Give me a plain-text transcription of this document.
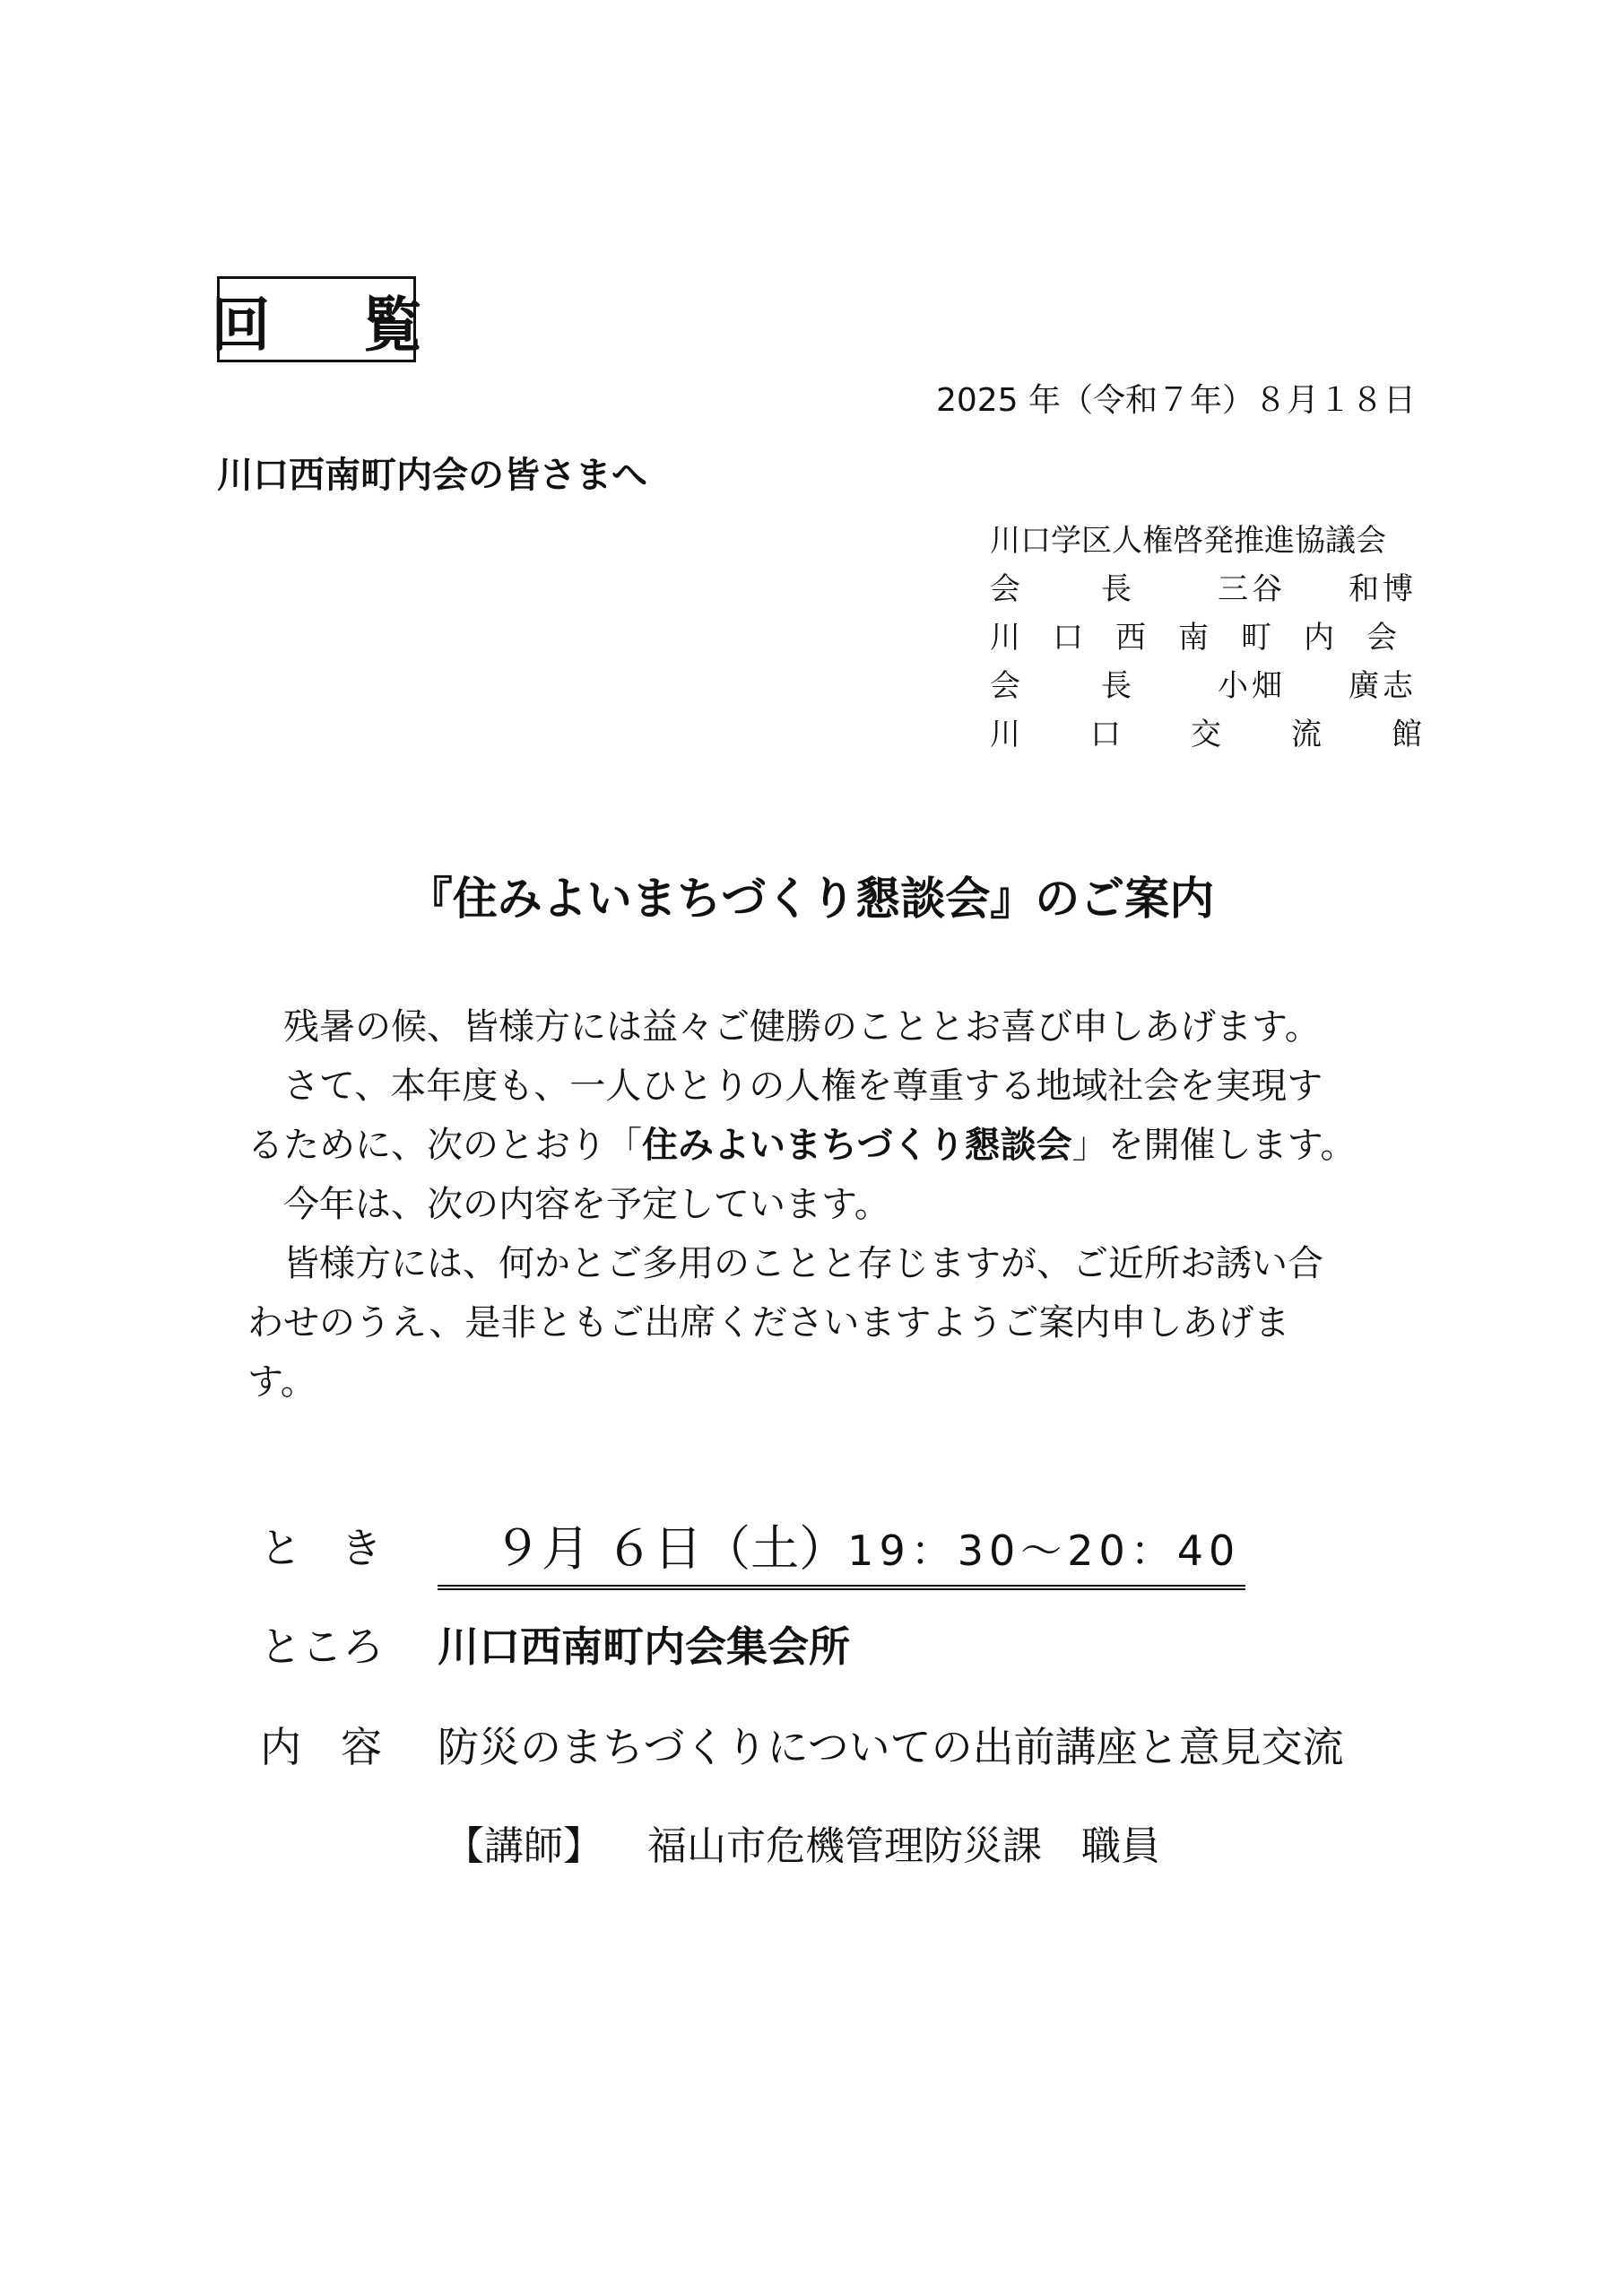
回 覧
2025 年（令和７年）８月１８日
川口西南町内会の皆さまへ
川口学区人権啓発推進協議会
会　長 三谷 和博
川口西南町内会
会　長 小畑 廣志
川口交流館
『住みよいまちづくり懇談会』のご案内

残暑の候、皆様方には益々ご健勝のこととお喜び申しあげます。

さて、本年度も、一人ひとりの人権を尊重する地域社会を実現す

るために、次のとおり「住みよいまちづくり懇談会」を開催します。

今年は、次の内容を予定しています。

皆様方には、何かとご多用のことと存じますが、ご近所お誘い合

わせのうえ、是非ともご出席くださいますようご案内申しあげま

す。

とき	９月 ６日（土）19：30～20：40
ところ 川口西南町内会集会所
内容 防災のまちづくりについての出前講座と意見交流
【講師】 福山市危機管理防災課　職員
